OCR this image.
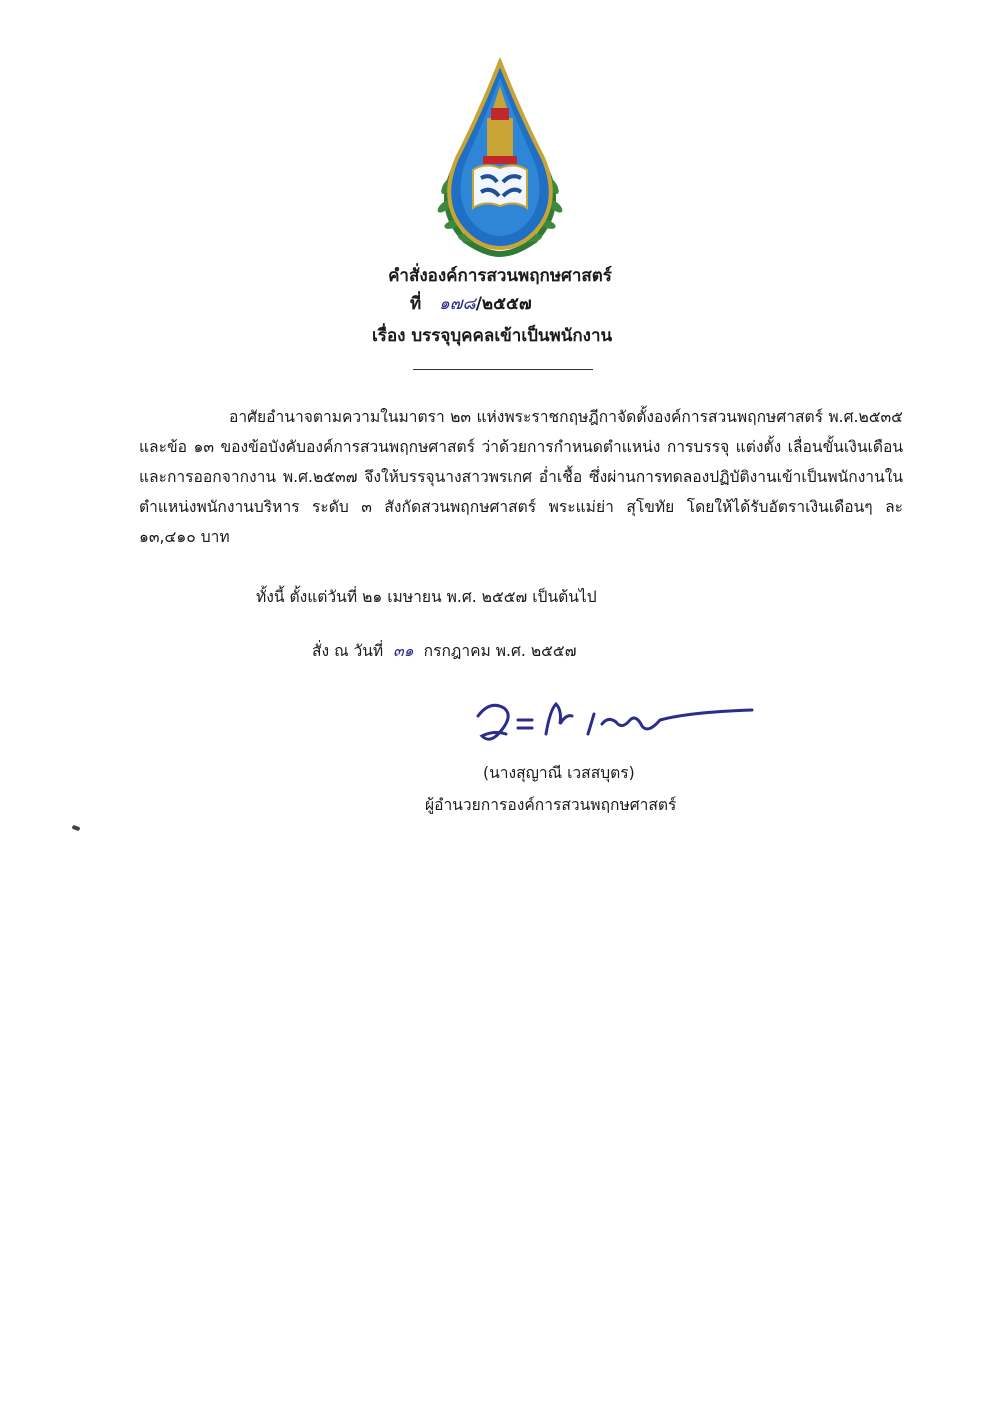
คำสั่งองค์การสวนพฤกษศาสตร์
ที่ ๑๗๘/๒๕๕๗
เรื่อง บรรจุบุคคลเข้าเป็นพนักงาน

อาศัยอำนาจตามความในมาตรา ๒๓ แห่งพระราชกฤษฎีกาจัดตั้งองค์การสวนพฤกษศาสตร์ พ.ศ.๒๕๓๕ และข้อ ๑๓ ของข้อบังคับองค์การสวนพฤกษศาสตร์ ว่าด้วยการกำหนดตำแหน่ง การบรรจุ แต่งตั้ง เลื่อนขั้นเงินเดือนและการออกจากงาน พ.ศ.๒๕๓๗ จึงให้บรรจุนางสาวพรเกศ อ่ำเชื้อ ซึ่งผ่านการทดลองปฏิบัติงานเข้าเป็นพนักงานในตำแหน่งพนักงานบริหาร ระดับ ๓ สังกัดสวนพฤกษศาสตร์ พระแม่ย่า สุโขทัย โดยให้ได้รับอัตราเงินเดือนๆ ละ ๑๓,๔๑๐ บาท

ทั้งนี้ ตั้งแต่วันที่ ๒๑ เมษายน พ.ศ. ๒๕๕๗ เป็นต้นไป
สั่ง ณ วันที่ ๓๑ กรกฎาคม พ.ศ. ๒๕๕๗
(นางสุญาณี เวสสบุตร)
ผู้อำนวยการองค์การสวนพฤกษศาสตร์
